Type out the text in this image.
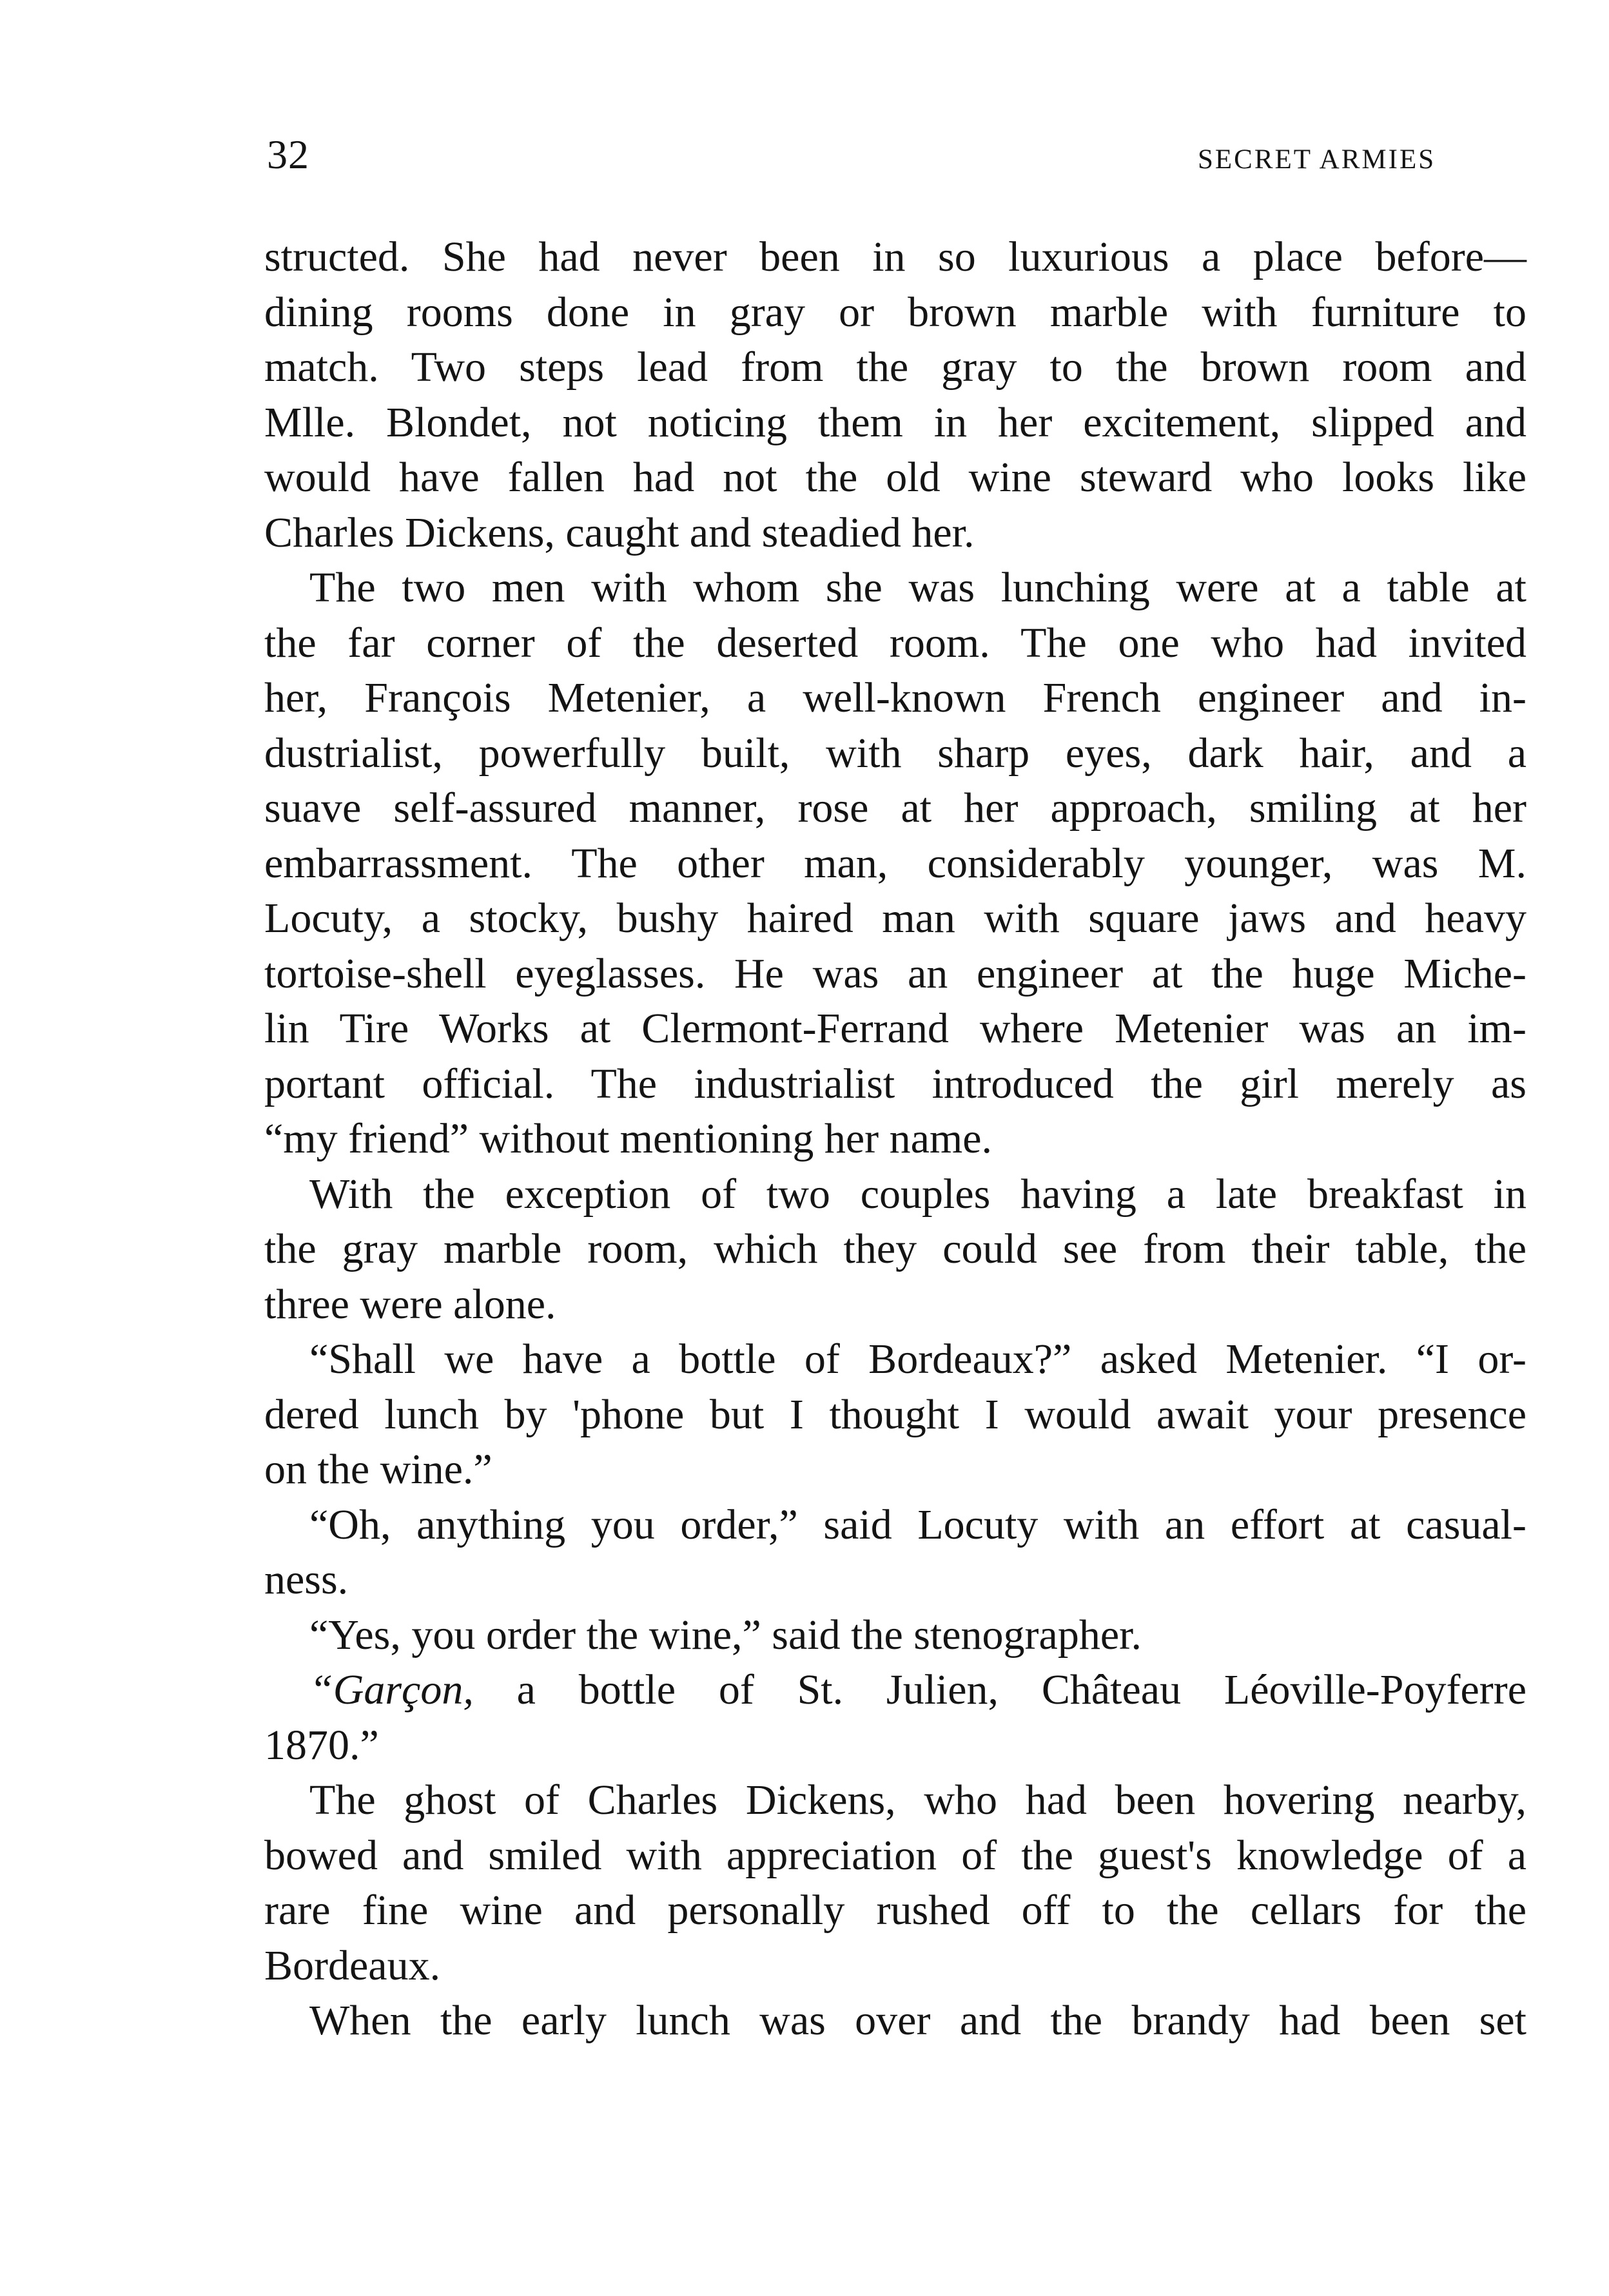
32	SECRET ARMIES

structed. She had never been in so luxurious a place before—
dining rooms done in gray or brown marble with furniture to
match. Two steps lead from the gray to the brown room and
Mlle. Blondet, not noticing them in her excitement, slipped and
would have fallen had not the old wine steward who looks like
Charles Dickens, caught and steadied her.

The two men with whom she was lunching were at a table at
the far corner of the deserted room. The one who had invited
her, François Metenier, a well-known French engineer and in-
dustrialist, powerfully built, with sharp eyes, dark hair, and a
suave self-assured manner, rose at her approach, smiling at her
embarrassment. The other man, considerably younger, was M.
Locuty, a stocky, bushy haired man with square jaws and heavy
tortoise-shell eyeglasses. He was an engineer at the huge Miche-
lin Tire Works at Clermont-Ferrand where Metenier was an im-
portant official. The industrialist introduced the girl merely as
“my friend” without mentioning her name.

With the exception of two couples having a late breakfast in
the gray marble room, which they could see from their table, the
three were alone.

“Shall we have a bottle of Bordeaux?” asked Metenier. “I or-
dered lunch by 'phone but I thought I would await your presence
on the wine.”

“Oh, anything you order,” said Locuty with an effort at casual-
ness.

“Yes, you order the wine,” said the stenographer.

“Garçon, a bottle of St. Julien, Château Léoville-Poyferre
1870.”

The ghost of Charles Dickens, who had been hovering nearby,
bowed and smiled with appreciation of the guest's knowledge of a
rare fine wine and personally rushed off to the cellars for the
Bordeaux.

When the early lunch was over and the brandy had been set
